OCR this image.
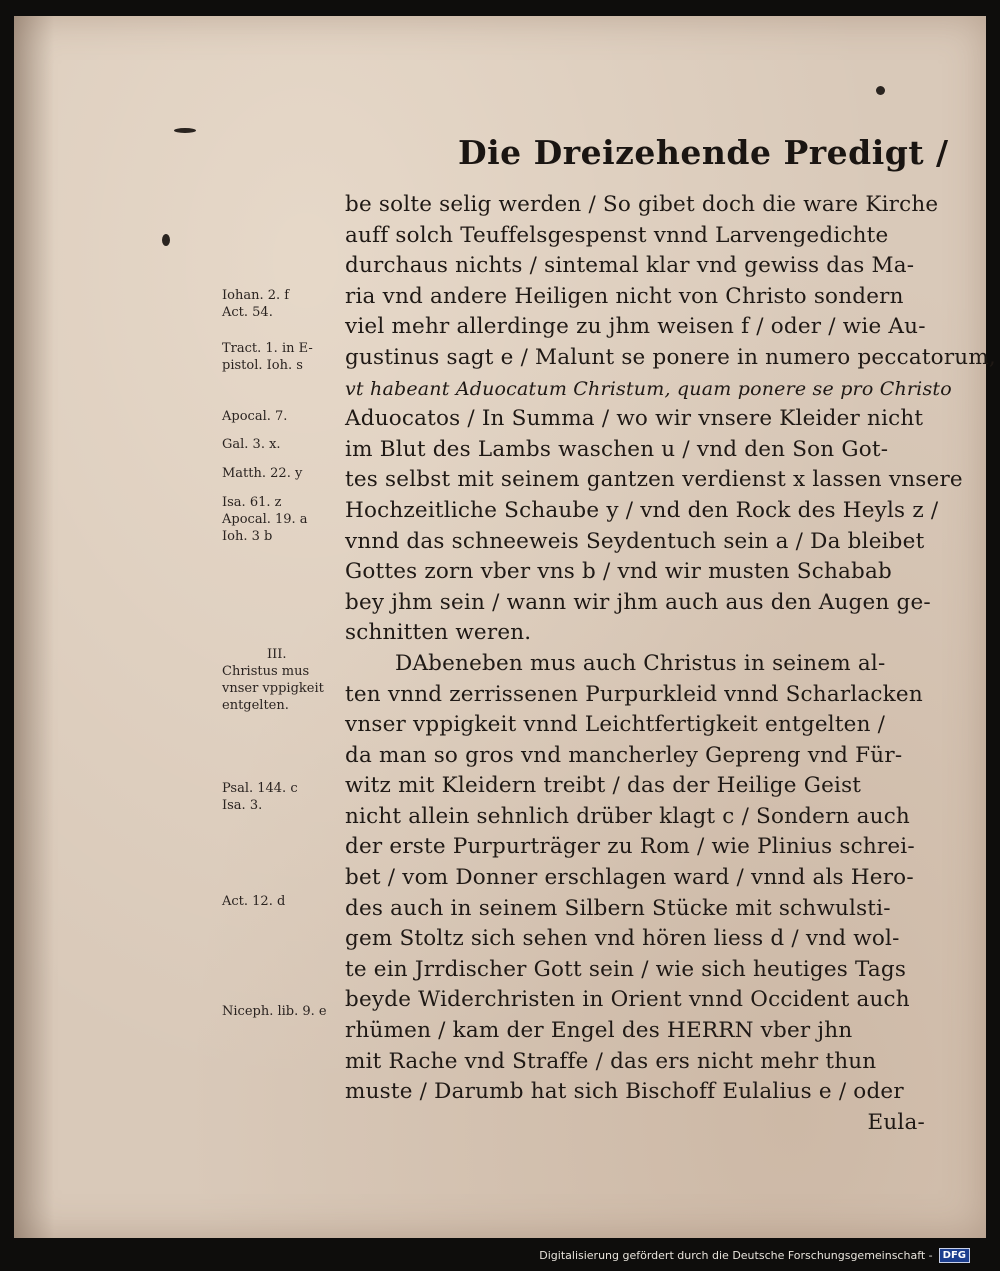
Die Dreizehende Predigt /
be solte selig werden / So gibet doch die ware Kirche
auff solch Teuffelsgespenst vnnd Larvengedichte
durchaus nichts / sintemal klar vnd gewiss das Ma-
ria vnd andere Heiligen nicht von Christo sondern
viel mehr allerdinge zu jhm weisen f / oder / wie Au-
gustinus sagt e / Malunt se ponere in numero peccatorum,
vt habeant Aduocatum Christum, quam ponere se pro Christo
Aduocatos / In Summa / wo wir vnsere Kleider nicht
im Blut des Lambs waschen u / vnd den Son Got-
tes selbst mit seinem gantzen verdienst x lassen vnsere
Hochzeitliche Schaube y / vnd den Rock des Heyls z /
vnnd das schneeweis Seydentuch sein a / Da bleibet
Gottes zorn vber vns b / vnd wir musten Schabab
bey jhm sein / wann wir jhm auch aus den Augen ge-
schnitten weren.
DAbeneben mus auch Christus in seinem al-
ten vnnd zerrissenen Purpurkleid vnnd Scharlacken
vnser vppigkeit vnnd Leichtfertigkeit entgelten /
da man so gros vnd mancherley Gepreng vnd Für-
witz mit Kleidern treibt / das der Heilige Geist
nicht allein sehnlich drüber klagt c / Sondern auch
der erste Purpurträger zu Rom / wie Plinius schrei-
bet / vom Donner erschlagen ward / vnnd als Hero-
des auch in seinem Silbern Stücke mit schwulsti-
gem Stoltz sich sehen vnd hören liess d / vnd wol-
te ein Jrrdischer Gott sein / wie sich heutiges Tags
beyde Widerchristen in Orient vnnd Occident auch
rhümen / kam der Engel des HERRN vber jhn
mit Rache vnd Straffe / das ers nicht mehr thun
muste / Darumb hat sich Bischoff Eulalius e / oder
Eula-
Iohan. 2. f
Act. 54.
Tract. 1. in E-
pistol. Ioh. s
Apocal. 7.
Gal. 3. x.
Matth. 22. y
Isa. 61. z
Apocal. 19. a
Ioh. 3 b
III.
Christus mus
vnser vppigkeit
entgelten.
Psal. 144. c
Isa. 3.
Act. 12. d
Niceph. lib. 9. e
Digitalisierung gefördert durch die Deutsche Forschungsgemeinschaft -	DFG
